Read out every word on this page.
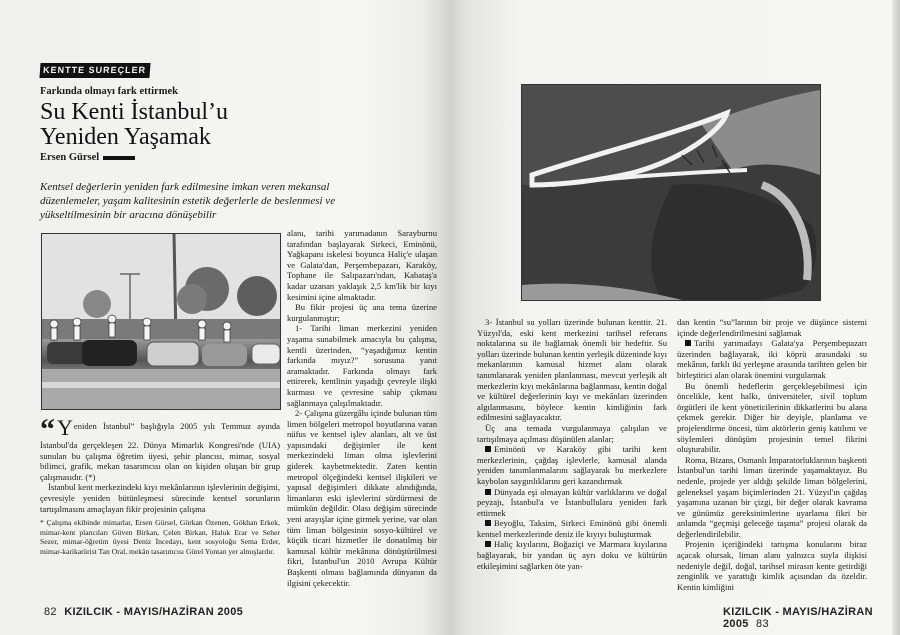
KENTTE SUREÇLER
Farkında olmayı fark ettirmek
Su Kenti İstanbul’u
Yeniden Yaşamak
Ersen Gürsel
Kentsel değerlerin yeniden fark edilmesine imkan veren mekansal düzenlemeler, yaşam kalitesinin estetik değerlerle de beslenmesi ve yükseltilmesinin bir aracına dönüşebilir

“Yeniden İstanbul” başlığıyla 2005 yılı Temmuz ayında İstanbul'da gerçekleşen 22. Dünya Mimarlık Kongresi'nde (UIA) sunulan bu çalışma öğretim üyesi, şehir plancısı, mimar, sosyal bilimci, grafik, mekan tasarımcısı olan on kişiden oluşan bir grup çalışmasıdır. (*)

İstanbul kent merkezindeki kıyı mekânlarının işlevlerinin değişimi, çevresiyle yeniden bütünleşmesi sürecinde kentsel sorunların tartışılmasını amaçlayan fikir projesinin çalışma

* Çalışma ekibinde mimarlar, Ersen Gürsel, Gürkan Özenen, Gökhan Erkek, mimar-kent plancıları Güven Birkan, Çelen Birkan, Haluk Erar ve Seher Sezer, mimar-öğretim üyesi Deniz İncedayı, kent sosyoloğu Sema Erder, mimar-karikatürist Tan Oral, mekân tasarımcısı Gürel Yontan yer almışlardır.

alanı, tarihi yarımadanın Sarayburnu tarafından başlayarak Sirkeci, Eminönü, Yağkapanı iskelesi boyunca Haliç'e ulaşan ve Galata'dan, Perşembepazarı, Karaköy, Tophane ile Salıpazarı'ndan, Kabataş'a kadar uzanan yaklaşık 2,5 km'lik bir kıyı kesimini içine almaktadır.

Bu fikir projesi üç ana tema üzerine kurgulanmıştır;

1- Tarihi liman merkezini yeniden yaşama sunabilmek amacıyla bu çalışma, kentli üzerinden, “yaşadığımız kentin farkında mıyız?” sorusuna yanıt aramaktadır. Farkında olmayı fark ettirerek, kentlinin yaşadığı çevreyle ilişki kurması ve çevresine sahip çıkması sağlanmaya çalışılmaktadır.

2- Çalışma güzergâhı içinde bulunan tüm limen bölgeleri metropol boyutlarına varan nüfus ve kentsel işlev alanları, alt ve üst yapısındaki değişimler ile kent merkezindeki liman olma işlevlerini giderek kaybetmektedir. Zaten kentin metropol ölçeğindeki kentsel ilişkileri ve yapısal değişimleri dikkate alındığında, limanların eski işlevlerini sürdürmesi de mümkün değildir. Olası değişim sürecinde yeni arayışlar içine girmek yerine, var olan tüm liman bölgesinin sosyo-kültürel ve küçük ticari hizmetler ile donatılmış bir kamusal kültür mekânına dönüştürülmesi fikri, İstanbul'un 2010 Avrupa Kültür Başkenti olması bağlamında dünyanın da ilgisini çekecektir.

82 KIZILCIK - MAYIS/HAZİRAN 2005

3- İstanbul su yolları üzerinde bulunan kenttir. 21. Yüzyıl'da, eski kent merkezini tarihsel referans noktalarına su ile bağlamak önemli bir hedeftir. Su yolları üzerinde bulunan kentin yerleşik düzeninde kıyı mekanlarının kamusal hizmet alanı olarak tanımlanarak yeniden planlanması, mevcut yerleşik alt merkezlerin kıyı mekânlarına bağlanması, kentin doğal ve kültürel değerlerinin kıyı ve mekânları üzerinden algılanmasını, böylece kentin kimliğinin fark edilmesini sağlayacaktır.

Üç ana temada vurgulanmaya çalışılan ve tartışılmaya açılması düşünülen alanlar;

Eminönü ve Karaköy gibi tarihi kent merkezlerinin, çağdaş işlevlerle, kamusal alanda yeniden tanımlanmalarını sağlayarak bu merkezlere kaybolan saygınlıklarını geri kazandırmak

Dünyada eşi olmayan kültür varlıklarını ve doğal peyzajı, İstanbul'a ve İstanbullulara yeniden fark ettirmek

Beyoğlu, Taksim, Sirkeci Eminönü gibi önemli kentsel merkezlerinde deniz ile kıyıyı buluşturmak

Haliç kıyılarını, Boğaziçi ve Marmara kıyılarına bağlayarak, bir yandan üç ayrı doku ve kültürün etkileşimini sağlarken öte yan-

dan kentin “su”larının bir proje ve düşünce sistemi içinde değerlendirilmesini sağlamak

Tarihi yarımadayı Galata'ya Perşembepazarı üzerinden bağlayarak, iki köprü arasındaki su mekânın, farklı iki yerleşme arasında tarihten gelen bir birleştirici alan olarak önemini vurgulamak

Bu önemli hedeflerin gerçekleşebilmesi için öncelikle, kent halkı, üniversiteler, sivil toplum örgütleri ile kent yöneticilerinin dikkatlerini bu alana çekmek gerekir. Diğer bir deyişle, planlama ve projelendirme öncesi, tüm aktörlerin geniş katılımı ve söylemleri dönüşüm projesinin temel fikrini oluşturabilir.

Roma, Bizans, Osmanlı İmparatorluklarının başkenti İstanbul'un tarihi liman üzerinde yaşamaktayız. Bu nedenle, projede yer aldığı şekilde liman bölgelerini, geleneksel yaşam biçimlerinden 21. Yüzyıl'ın çağdaş yaşamına uzanan bir çizgi, bir değer olarak kavrama ve günümüz gereksinimlerine uyarlama fikri bir anlamda “geçmişi geleceğe taşıma” projesi olarak da değerlendirilebilir.

Projenin içeriğindeki tartışma konularını biraz açacak olursak, liman alanı yalnızca suyla ilişkisi nedeniyle değil, doğal, tarihsel mirasın kente getirdiği zenginlik ve yarattığı kimlik açısından da özeldir. Kentin kimliğini

KIZILCIK - MAYIS/HAZİRAN 2005 83
